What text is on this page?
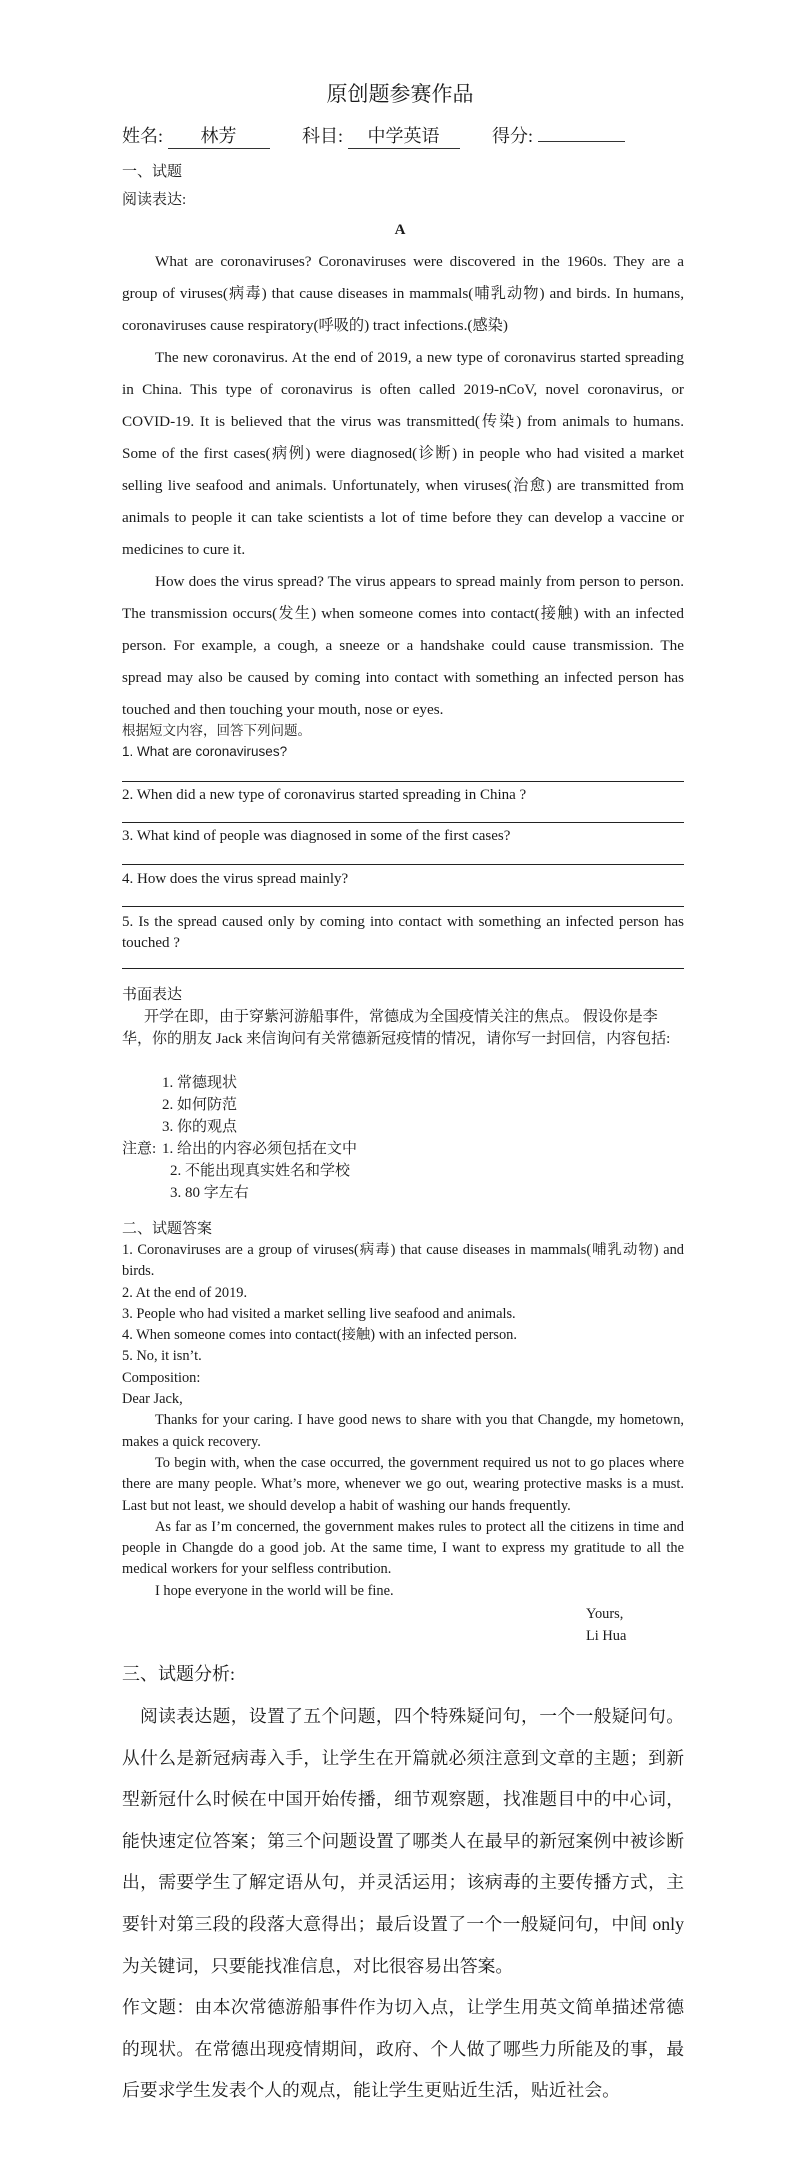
原创题参赛作品
姓名: 林芳	科目: 中学英语	得分:
一、试题
阅读表达:
A

What are coronaviruses? Coronaviruses were discovered in the 1960s. They are a group of viruses(病毒) that cause diseases in mammals(哺乳动物) and birds. In humans, coronaviruses cause respiratory(呼吸的) tract infections.(感染)

The new coronavirus. At the end of 2019, a new type of coronavirus started spreading in China. This type of coronavirus is often called 2019-nCoV, novel coronavirus, or COVID-19. It is believed that the virus was transmitted(传染) from animals to humans. Some of the first cases(病例) were diagnosed(诊断) in people who had visited a market selling live seafood and animals. Unfortunately, when viruses(治愈) are transmitted from animals to people it can take scientists a lot of time before they can develop a vaccine or medicines to cure it.

How does the virus spread? The virus appears to spread mainly from person to person. The transmission occurs(发生) when someone comes into contact(接触) with an infected person. For example, a cough, a sneeze or a handshake could cause transmission. The spread may also be caused by coming into contact with something an infected person has touched and then touching your mouth, nose or eyes.

根据短文内容，回答下列问题。
1. What are coronaviruses?
2. When did a new type of coronavirus started spreading in China ?
3. What kind of people was diagnosed in some of the first cases?
4. How does the virus spread mainly?
5. Is the spread caused only by coming into contact with something an infected person has touched ?
书面表达
开学在即，由于穿紫河游船事件，常德成为全国疫情关注的焦点。 假设你是李华，你的朋友 Jack 来信询问有关常德新冠疫情的情况，请你写一封回信，内容包括:
1. 常德现状
2. 如何防范
3. 你的观点
注意: 1. 给出的内容必须包括在文中
2. 不能出现真实姓名和学校
3. 80 字左右
二、试题答案

1. Coronaviruses are a group of viruses(病毒) that cause diseases in mammals(哺乳动物) and birds.

2. At the end of 2019.

3. People who had visited a market selling live seafood and animals.

4. When someone comes into contact(接触) with an infected person.

5. No, it isn’t.

Composition:

Dear Jack,

Thanks for your caring. I have good news to share with you that Changde, my hometown, makes a quick recovery.

To begin with, when the case occurred, the government required us not to go places where there are many people. What’s more, whenever we go out, wearing protective masks is a must. Last but not least, we should develop a habit of washing our hands frequently.

As far as I’m concerned, the government makes rules to protect all the citizens in time and people in Changde do a good job. At the same time, I want to express my gratitude to all the medical workers for your selfless contribution.

I hope everyone in the world will be fine.

Yours,
Li Hua
三、试题分析:

阅读表达题，设置了五个问题，四个特殊疑问句，一个一般疑问句。从什么是新冠病毒入手，让学生在开篇就必须注意到文章的主题；到新型新冠什么时候在中国开始传播，细节观察题，找准题目中的中心词，能快速定位答案；第三个问题设置了哪类人在最早的新冠案例中被诊断出，需要学生了解定语从句，并灵活运用；该病毒的主要传播方式，主要针对第三段的段落大意得出；最后设置了一个一般疑问句，中间 only 为关键词，只要能找准信息，对比很容易出答案。

作文题：由本次常德游船事件作为切入点，让学生用英文简单描述常德的现状。在常德出现疫情期间，政府、个人做了哪些力所能及的事，最后要求学生发表个人的观点，能让学生更贴近生活，贴近社会。
